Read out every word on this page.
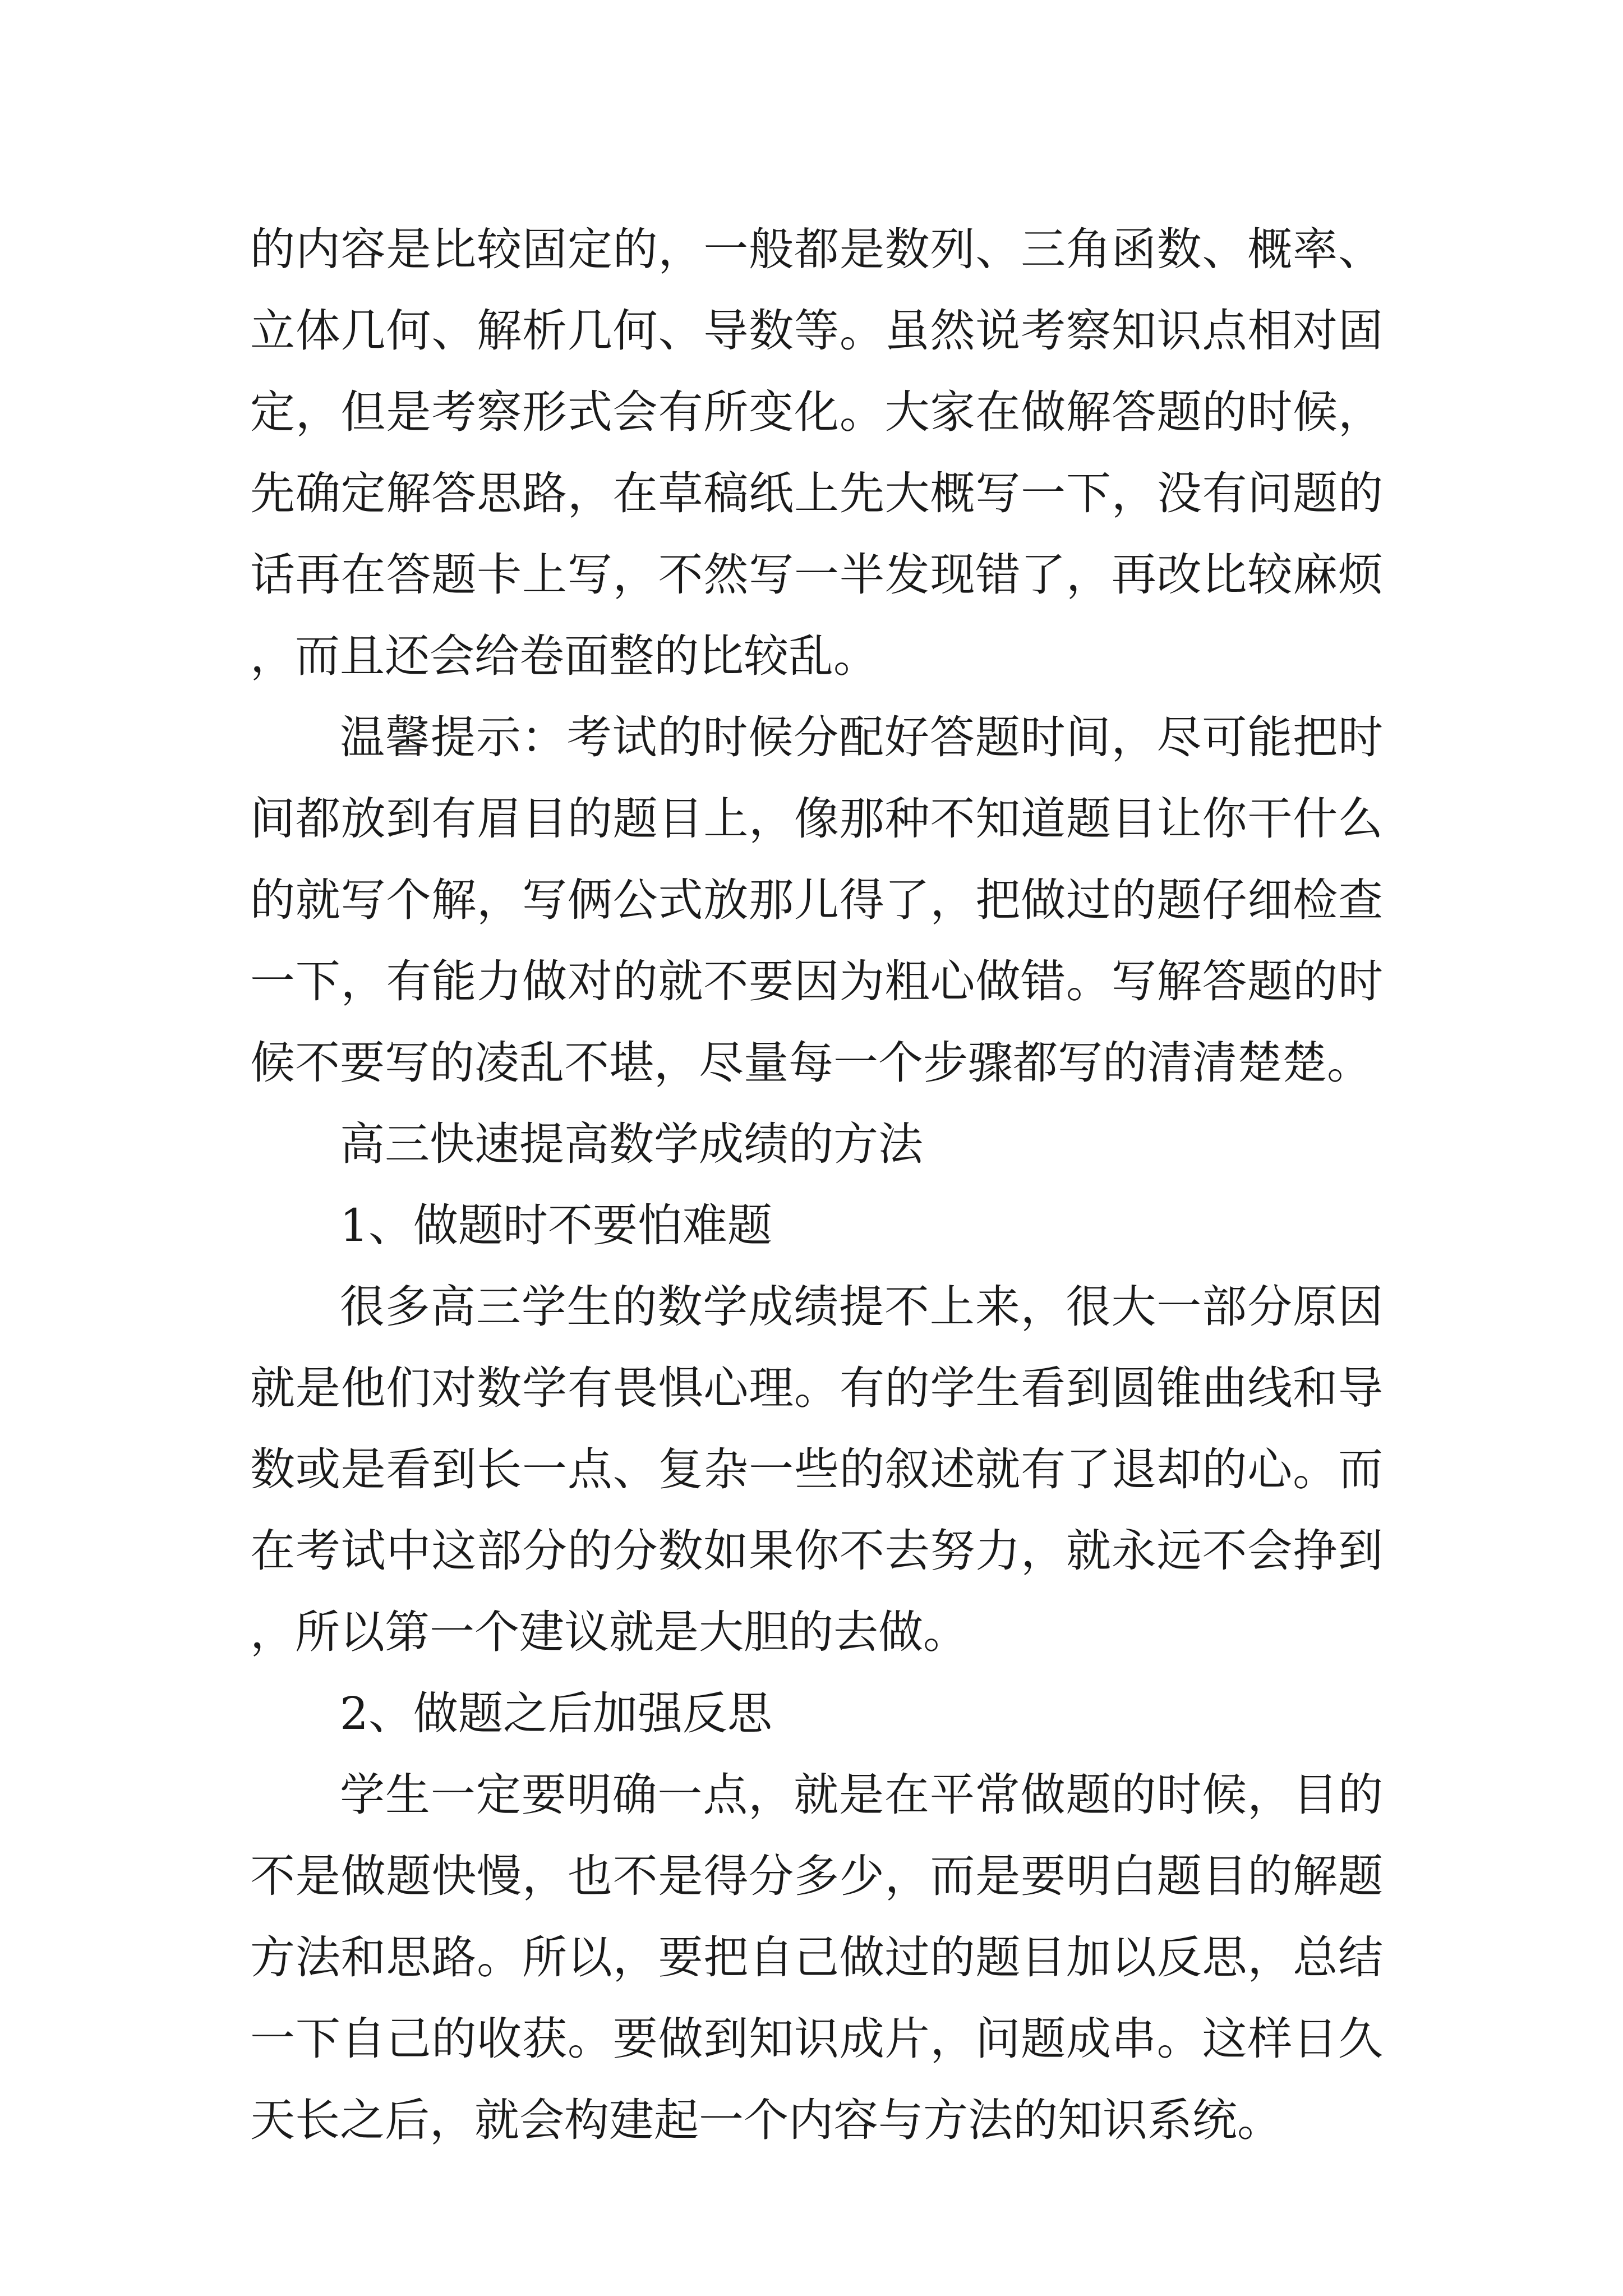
的内容是比较固定的，一般都是数列、三角函数、概率、立体几何、解析几何、导数等。虽然说考察知识点相对固定，但是考察形式会有所变化。大家在做解答题的时候，先确定解答思路，在草稿纸上先大概写一下，没有问题的话再在答题卡上写，不然写一半发现错了，再改比较麻烦，而且还会给卷面整的比较乱。

温馨提示：考试的时候分配好答题时间，尽可能把时间都放到有眉目的题目上，像那种不知道题目让你干什么的就写个解，写俩公式放那儿得了，把做过的题仔细检查一下，有能力做对的就不要因为粗心做错。写解答题的时候不要写的凌乱不堪，尽量每一个步骤都写的清清楚楚。

高三快速提高数学成绩的方法

1、做题时不要怕难题

很多高三学生的数学成绩提不上来，很大一部分原因就是他们对数学有畏惧心理。有的学生看到圆锥曲线和导数或是看到长一点、复杂一些的叙述就有了退却的心。而在考试中这部分的分数如果你不去努力，就永远不会挣到，所以第一个建议就是大胆的去做。

2、做题之后加强反思

学生一定要明确一点，就是在平常做题的时候，目的不是做题快慢，也不是得分多少，而是要明白题目的解题方法和思路。所以，要把自己做过的题目加以反思，总结一下自己的收获。要做到知识成片，问题成串。这样日久天长之后，就会构建起一个内容与方法的知识系统。
